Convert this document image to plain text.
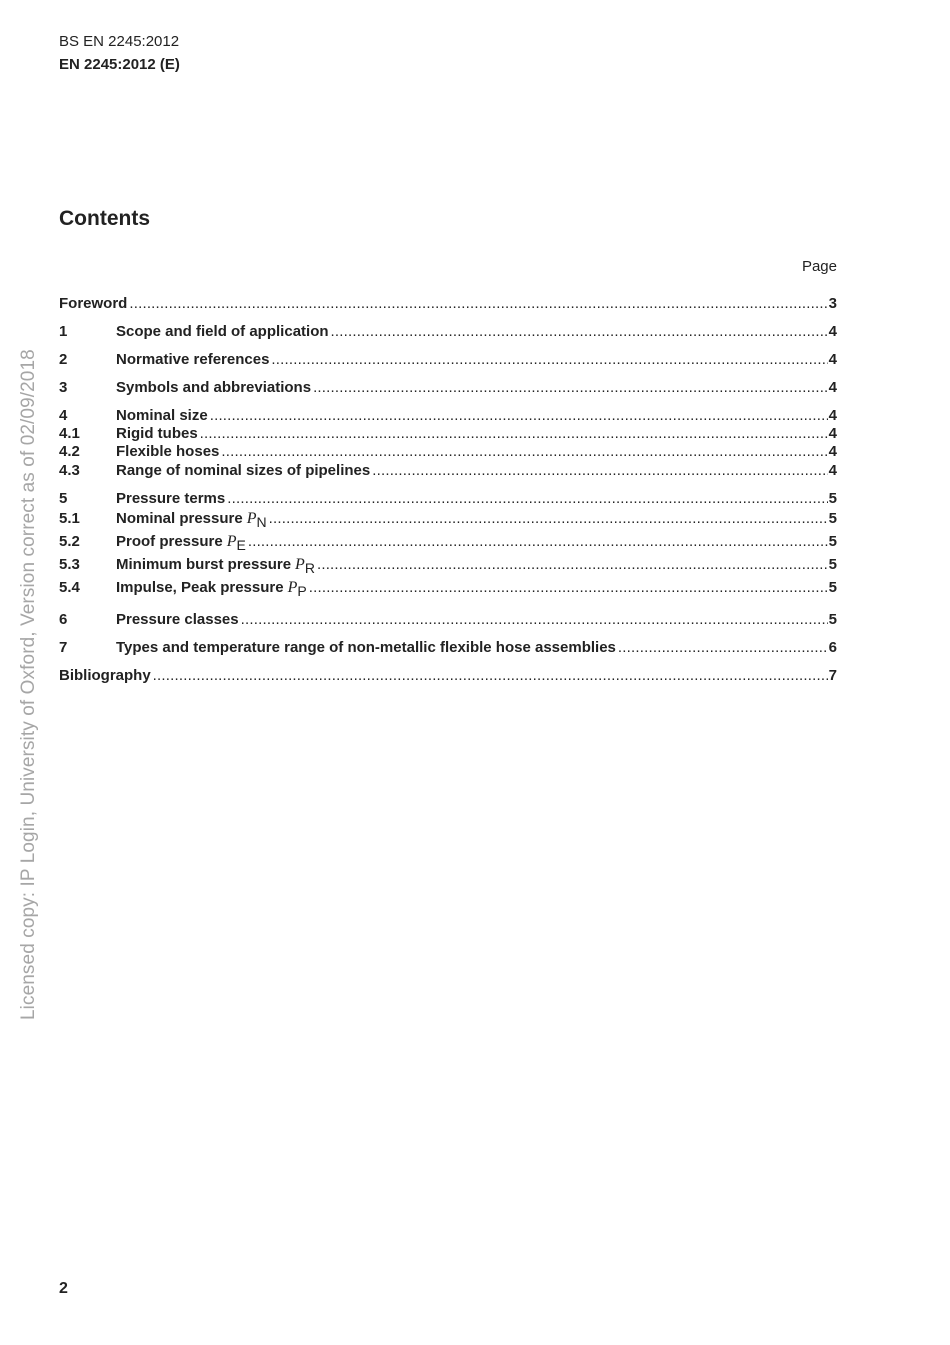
BS EN 2245:2012
EN 2245:2012 (E)
Contents
Page
Licensed copy: IP Login, University of Oxford, Version correct as of 02/09/2018
Foreword .....	3
1	Scope and field of application .....	4
2	Normative references .....	4
3	Symbols and abbreviations .....	4
4	Nominal size .....	4
4.1	Rigid tubes .....	4
4.2	Flexible hoses .....	4
4.3	Range of nominal sizes of pipelines .....	4
5	Pressure terms .....	5
5.1	Nominal pressure PN .....	5
5.2	Proof pressure PE .....	5
5.3	Minimum burst pressure PR .....	5
5.4	Impulse, Peak pressure PP .....	5
6	Pressure classes .....	5
7	Types and temperature range of non-metallic flexible hose assemblies .....	6
Bibliography .....	7
2
